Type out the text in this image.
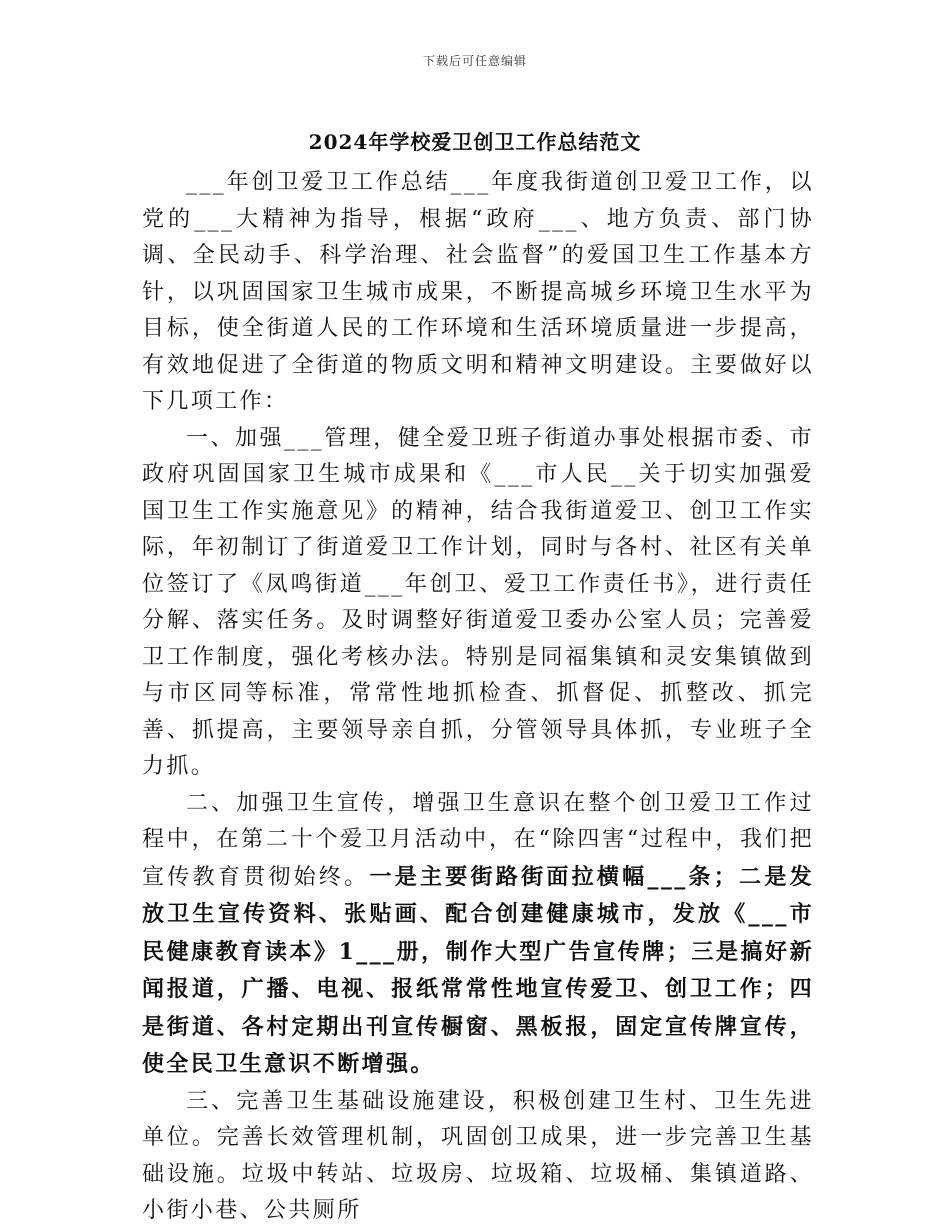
下载后可任意编辑
2024年学校爱卫创卫工作总结范文

___年创卫爱卫工作总结___年度我街道创卫爱卫工作，以党的___大精神为指导，根据“政府___、地方负责、部门协调、全民动手、科学治理、社会监督”的爱国卫生工作基本方针，以巩固国家卫生城市成果，不断提高城乡环境卫生水平为目标，使全街道人民的工作环境和生活环境质量进一步提高，有效地促进了全街道的物质文明和精神文明建设。主要做好以下几项工作：

一、加强___管理，健全爱卫班子街道办事处根据市委、市政府巩固国家卫生城市成果和《___市人民__关于切实加强爱国卫生工作实施意见》的精神，结合我街道爱卫、创卫工作实际，年初制订了街道爱卫工作计划，同时与各村、社区有关单位签订了《凤鸣街道___年创卫、爱卫工作责任书》，进行责任分解、落实任务。及时调整好街道爱卫委办公室人员；完善爱卫工作制度，强化考核办法。特别是同福集镇和灵安集镇做到与市区同等标准，常常性地抓检查、抓督促、抓整改、抓完善、抓提高，主要领导亲自抓，分管领导具体抓，专业班子全力抓。

二、加强卫生宣传，增强卫生意识在整个创卫爱卫工作过程中，在第二十个爱卫月活动中，在“除四害“过程中，我们把宣传教育贯彻始终。一是主要街路街面拉横幅___条；二是发放卫生宣传资料、张贴画、配合创建健康城市，发放《___市民健康教育读本》1___册，制作大型广告宣传牌；三是搞好新闻报道，广播、电视、报纸常常性地宣传爱卫、创卫工作；四是街道、各村定期出刊宣传橱窗、黑板报，固定宣传牌宣传，使全民卫生意识不断增强。

三、完善卫生基础设施建设，积极创建卫生村、卫生先进单位。完善长效管理机制，巩固创卫成果，进一步完善卫生基础设施。垃圾中转站、垃圾房、垃圾箱、垃圾桶、集镇道路、小街小巷、公共厕所
